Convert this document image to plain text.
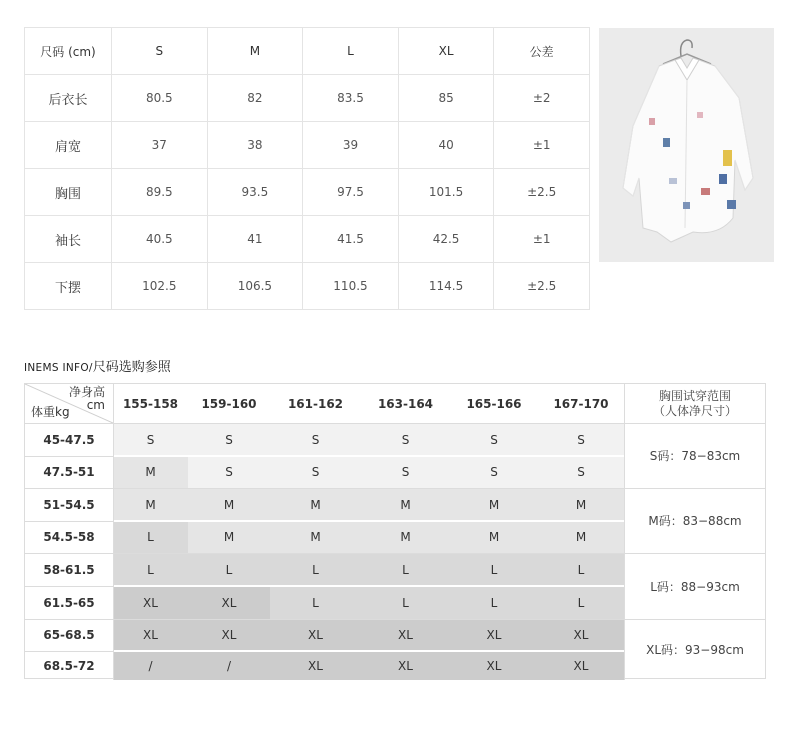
尺码 (cm)	S	M	L	XL	公差
后衣长	80.5	82	83.5	85	±2
肩宽	37	38	39	40	±1
胸围	89.5	93.5	97.5	101.5	±2.5
袖长	40.5	41	41.5	42.5	±1
下摆	102.5	106.5	110.5	114.5	±2.5
INEMS INFO/尺码选购参照
净身高
cm
体重kg
155-158	159-160	161-162	163-164	165-166	167-170
胸围试穿范围
（人体净尺寸）
45-47.5	S	S	S	S	S	S
47.5-51	M	S	S	S	S	S
51-54.5	M	M	M	M	M	M
54.5-58	L	M	M	M	M	M
58-61.5	L	L	L	L	L	L
61.5-65	XL	XL	L	L	L	L
65-68.5	XL	XL	XL	XL	XL	XL
68.5-72	/	/	XL	XL	XL	XL
S码：78−83cm
M码：83−88cm
L码：88−93cm
XL码：93−98cm
